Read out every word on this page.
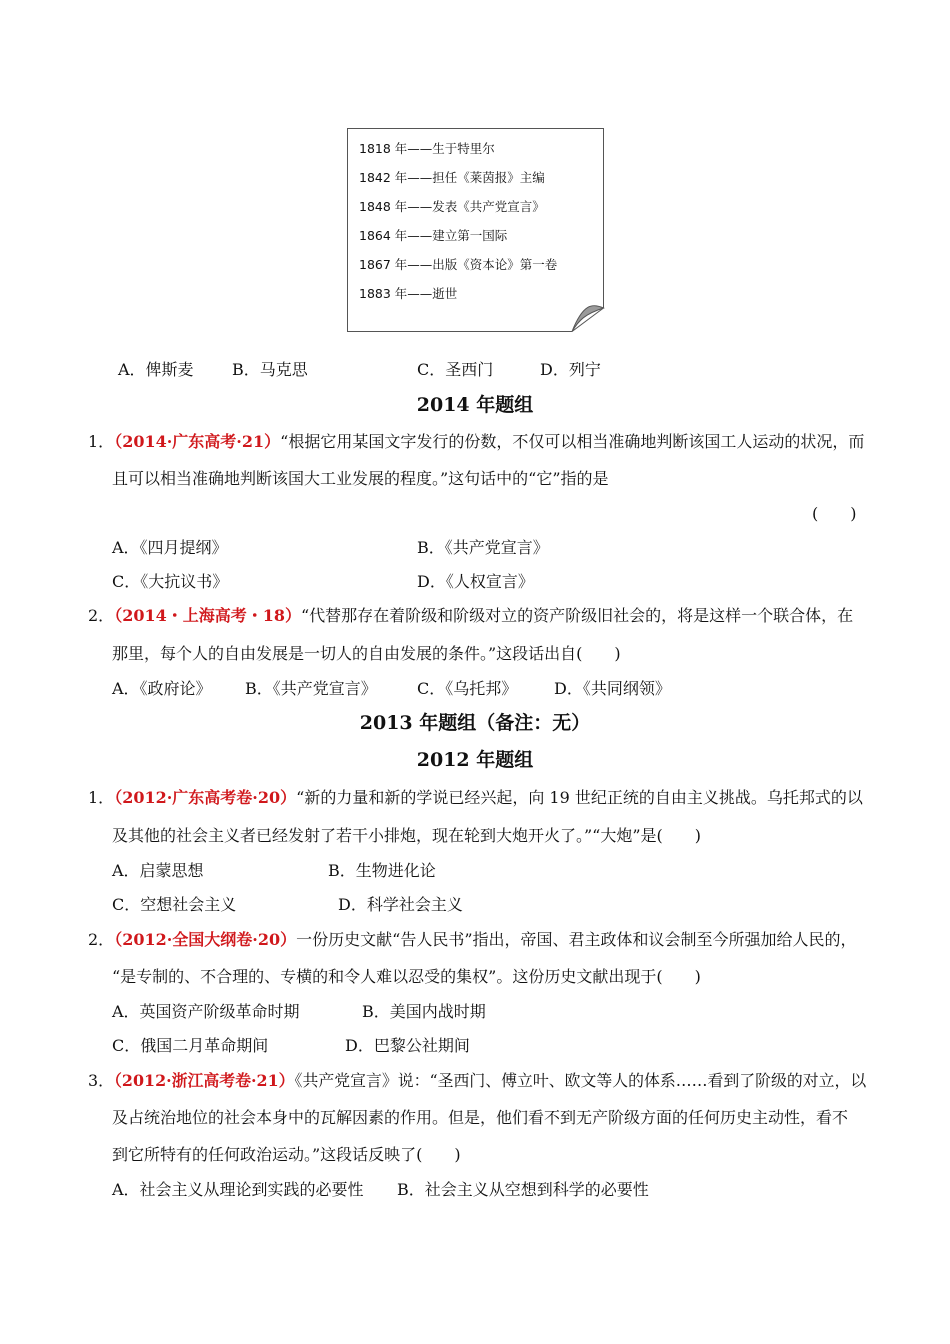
1818 年——生于特里尔
1842 年——担任《莱茵报》主编
1848 年——发表《共产党宣言》
1864 年——建立第一国际
1867 年——出版《资本论》第一卷
1883 年——逝世
A．俾斯麦 B．马克思	C．圣西门	D．列宁
2014 年题组
1．（2014·广东高考·21）“根据它用某国文字发行的份数，不仅可以相当准确地判断该国工人运动的状况，而
且可以相当准确地判断该国大工业发展的程度。”这句话中的“它”指的是
(　　)
A．《四月提纲》	B．《共产党宣言》
C．《大抗议书》	D．《人权宣言》
2．（2014・上海高考・18）“代替那存在着阶级和阶级对立的资产阶级旧社会的，将是这样一个联合体，在
那里，每个人的自由发展是一切人的自由发展的条件。”这段话出自(　　)
A．《政府论》 B．《共产党宣言》	C．《乌托邦》 D．《共同纲领》
2013 年题组（备注：无）
2012 年题组
1．（2012·广东高考卷·20）“新的力量和新的学说已经兴起，向 19 世纪正统的自由主义挑战。乌托邦式的以
及其他的社会主义者已经发射了若干小排炮，现在轮到大炮开火了。”“大炮”是(　　)
A．启蒙思想	B．生物进化论
C．空想社会主义	D．科学社会主义
2．（2012·全国大纲卷·20）一份历史文献“告人民书”指出，帝国、君主政体和议会制至今所强加给人民的，
“是专制的、不合理的、专横的和令人难以忍受的集权”。这份历史文献出现于(　　)
A．英国资产阶级革命时期	B．美国内战时期
C．俄国二月革命期间	D．巴黎公社期间
3．（2012·浙江高考卷·21）《共产党宣言》说：“圣西门、傅立叶、欧文等人的体系……看到了阶级的对立，以
及占统治地位的社会本身中的瓦解因素的作用。但是，他们看不到无产阶级方面的任何历史主动性，看不
到它所特有的任何政治运动。”这段话反映了(　　)
A．社会主义从理论到实践的必要性 B．社会主义从空想到科学的必要性
